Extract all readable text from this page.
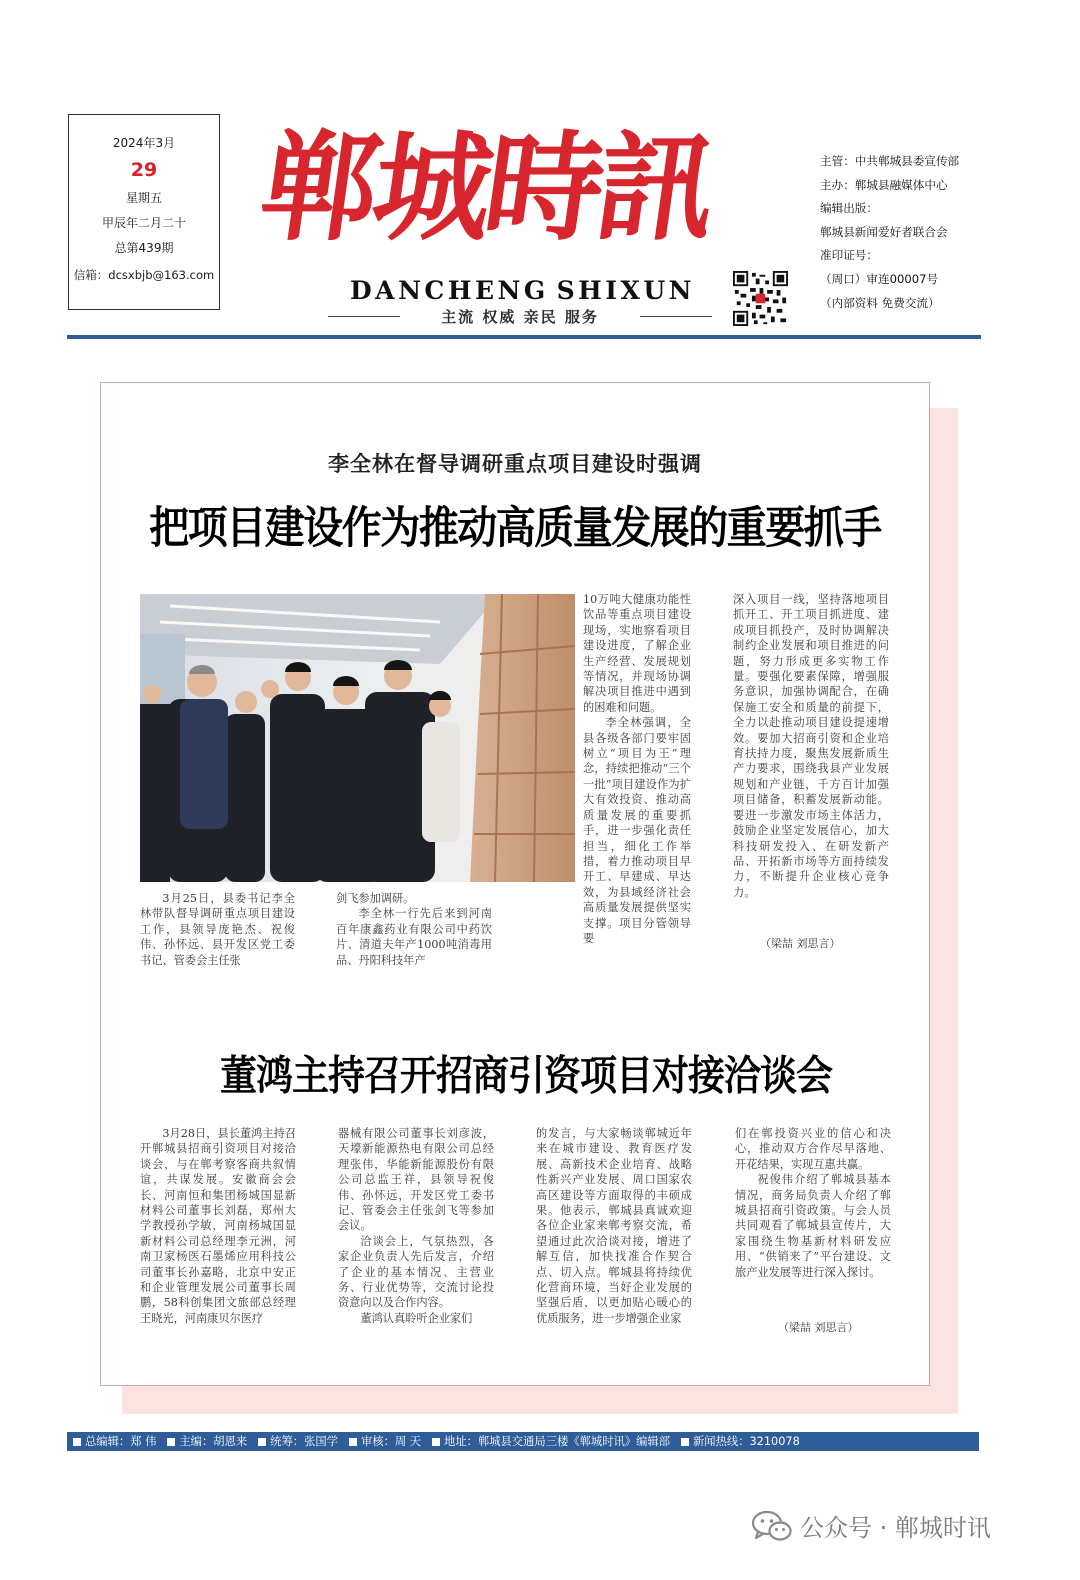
2024年3月
29
星期五
甲辰年二月二十
总第439期
信箱：dcsxbjb@163.com
郸城時訊
DANCHENG SHIXUN
主流 权威 亲民 服务
主管：中共郸城县委宣传部
主办：郸城县融媒体中心
编辑出版：
郸城县新闻爱好者联合会
准印证号：
（周口）审连00007号
（内部资料 免费交流）
李全林在督导调研重点项目建设时强调
把项目建设作为推动高质量发展的重要抓手

3月25日，县委书记李全林带队督导调研重点项目建设工作，县领导庞艳杰、祝俊伟、孙怀远、县开发区党工委书记、管委会主任张

剑飞参加调研。

李全林一行先后来到河南百年康鑫药业有限公司中药饮片、清道夫年产1000吨消毒用品、丹阳科技年产

10万吨大健康功能性饮品等重点项目建设现场，实地察看项目建设进度，了解企业生产经营、发展规划等情况，并现场协调解决项目推进中遇到的困难和问题。

李全林强调，全县各级各部门要牢固树立“项目为王”理念，持续把推动“三个一批”项目建设作为扩大有效投资、推动高质量发展的重要抓手，进一步强化责任担当，细化工作举措，着力推动项目早开工、早建成、早达效，为县域经济社会高质量发展提供坚实支撑。项目分管领导要

深入项目一线，坚持落地项目抓开工、开工项目抓进度、建成项目抓投产，及时协调解决制约企业发展和项目推进的问题，努力形成更多实物工作量。要强化要素保障，增强服务意识，加强协调配合，在确保施工安全和质量的前提下，全力以赴推动项目建设提速增效。要加大招商引资和企业培育扶持力度，聚焦发展新质生产力要求，围绕我县产业发展规划和产业链，千方百计加强项目储备，积蓄发展新动能。要进一步激发市场主体活力，鼓励企业坚定发展信心，加大科技研发投入、在研发新产品、开拓新市场等方面持续发力，不断提升企业核心竞争力。

（梁喆 刘思言）
董鸿主持召开招商引资项目对接洽谈会

3月28日，县长董鸿主持召开郸城县招商引资项目对接洽谈会，与在郸考察客商共叙情谊，共谋发展。安徽商会会长、河南恒和集团杨城国显新材料公司董事长刘磊，郑州大学教授孙学敏，河南杨城国显新材料公司总经理李元洲，河南卫家杨医石墨烯应用科技公司董事长孙嘉略，北京中安正和企业管理发展公司董事长周鹏，58科创集团文旅部总经理王晓光，河南康贝尔医疗

器械有限公司董事长刘彦波，天壕新能源热电有限公司总经理张伟，华能新能源股份有限公司总监王祥，县领导祝俊伟、孙怀远，开发区党工委书记、管委会主任张剑飞等参加会议。

洽谈会上，气氛热烈，各家企业负责人先后发言，介绍了企业的基本情况、主营业务、行业优势等，交流讨论投资意向以及合作内容。

董鸿认真聆听企业家们

的发言，与大家畅谈郸城近年来在城市建设、教育医疗发展、高新技术企业培育、战略性新兴产业发展、周口国家农高区建设等方面取得的丰硕成果。他表示，郸城县真诚欢迎各位企业家来郸考察交流，希望通过此次洽谈对接，增进了解互信，加快找准合作契合点、切入点。郸城县将持续优化营商环境，当好企业发展的坚强后盾，以更加贴心暖心的优质服务，进一步增强企业家

们在郸投资兴业的信心和决心，推动双方合作尽早落地、开花结果，实现互惠共赢。

祝俊伟介绍了郸城县基本情况，商务局负责人介绍了郸城县招商引资政策。与会人员共同观看了郸城县宣传片，大家围绕生物基新材料研发应用、“供销来了”平台建设、文旅产业发展等进行深入探讨。

（梁喆 刘思言）
总编辑：郑 伟 主编：胡恩来 统筹：张国学 审核：周 天 地址：郸城县交通局三楼《郸城时讯》编辑部 新闻热线：3210078
公众号 · 郸城时讯
